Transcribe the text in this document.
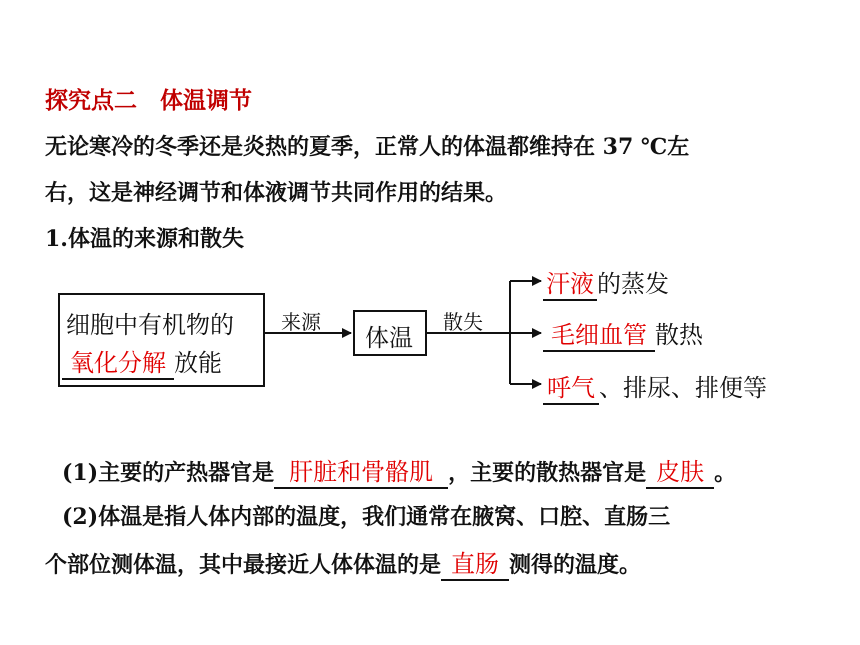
探究点二　体温调节
无论寒冷的冬季还是炎热的夏季，正常人的体温都维持在 37 ℃左
右，这是神经调节和体液调节共同作用的结果。
1.体温的来源和散失
细胞中有机物的
氧化分解 放能
来源
体温
散失
汗液 的蒸发
毛细血管 散热
呼气 、排尿、排便等
(1)主要的产热器官是 肝脏和骨骼肌 ，主要的散热器官是 皮肤 。
(2)体温是指人体内部的温度，我们通常在腋窝、口腔、直肠三
个部位测体温，其中最接近人体体温的是 直肠 测得的温度。
